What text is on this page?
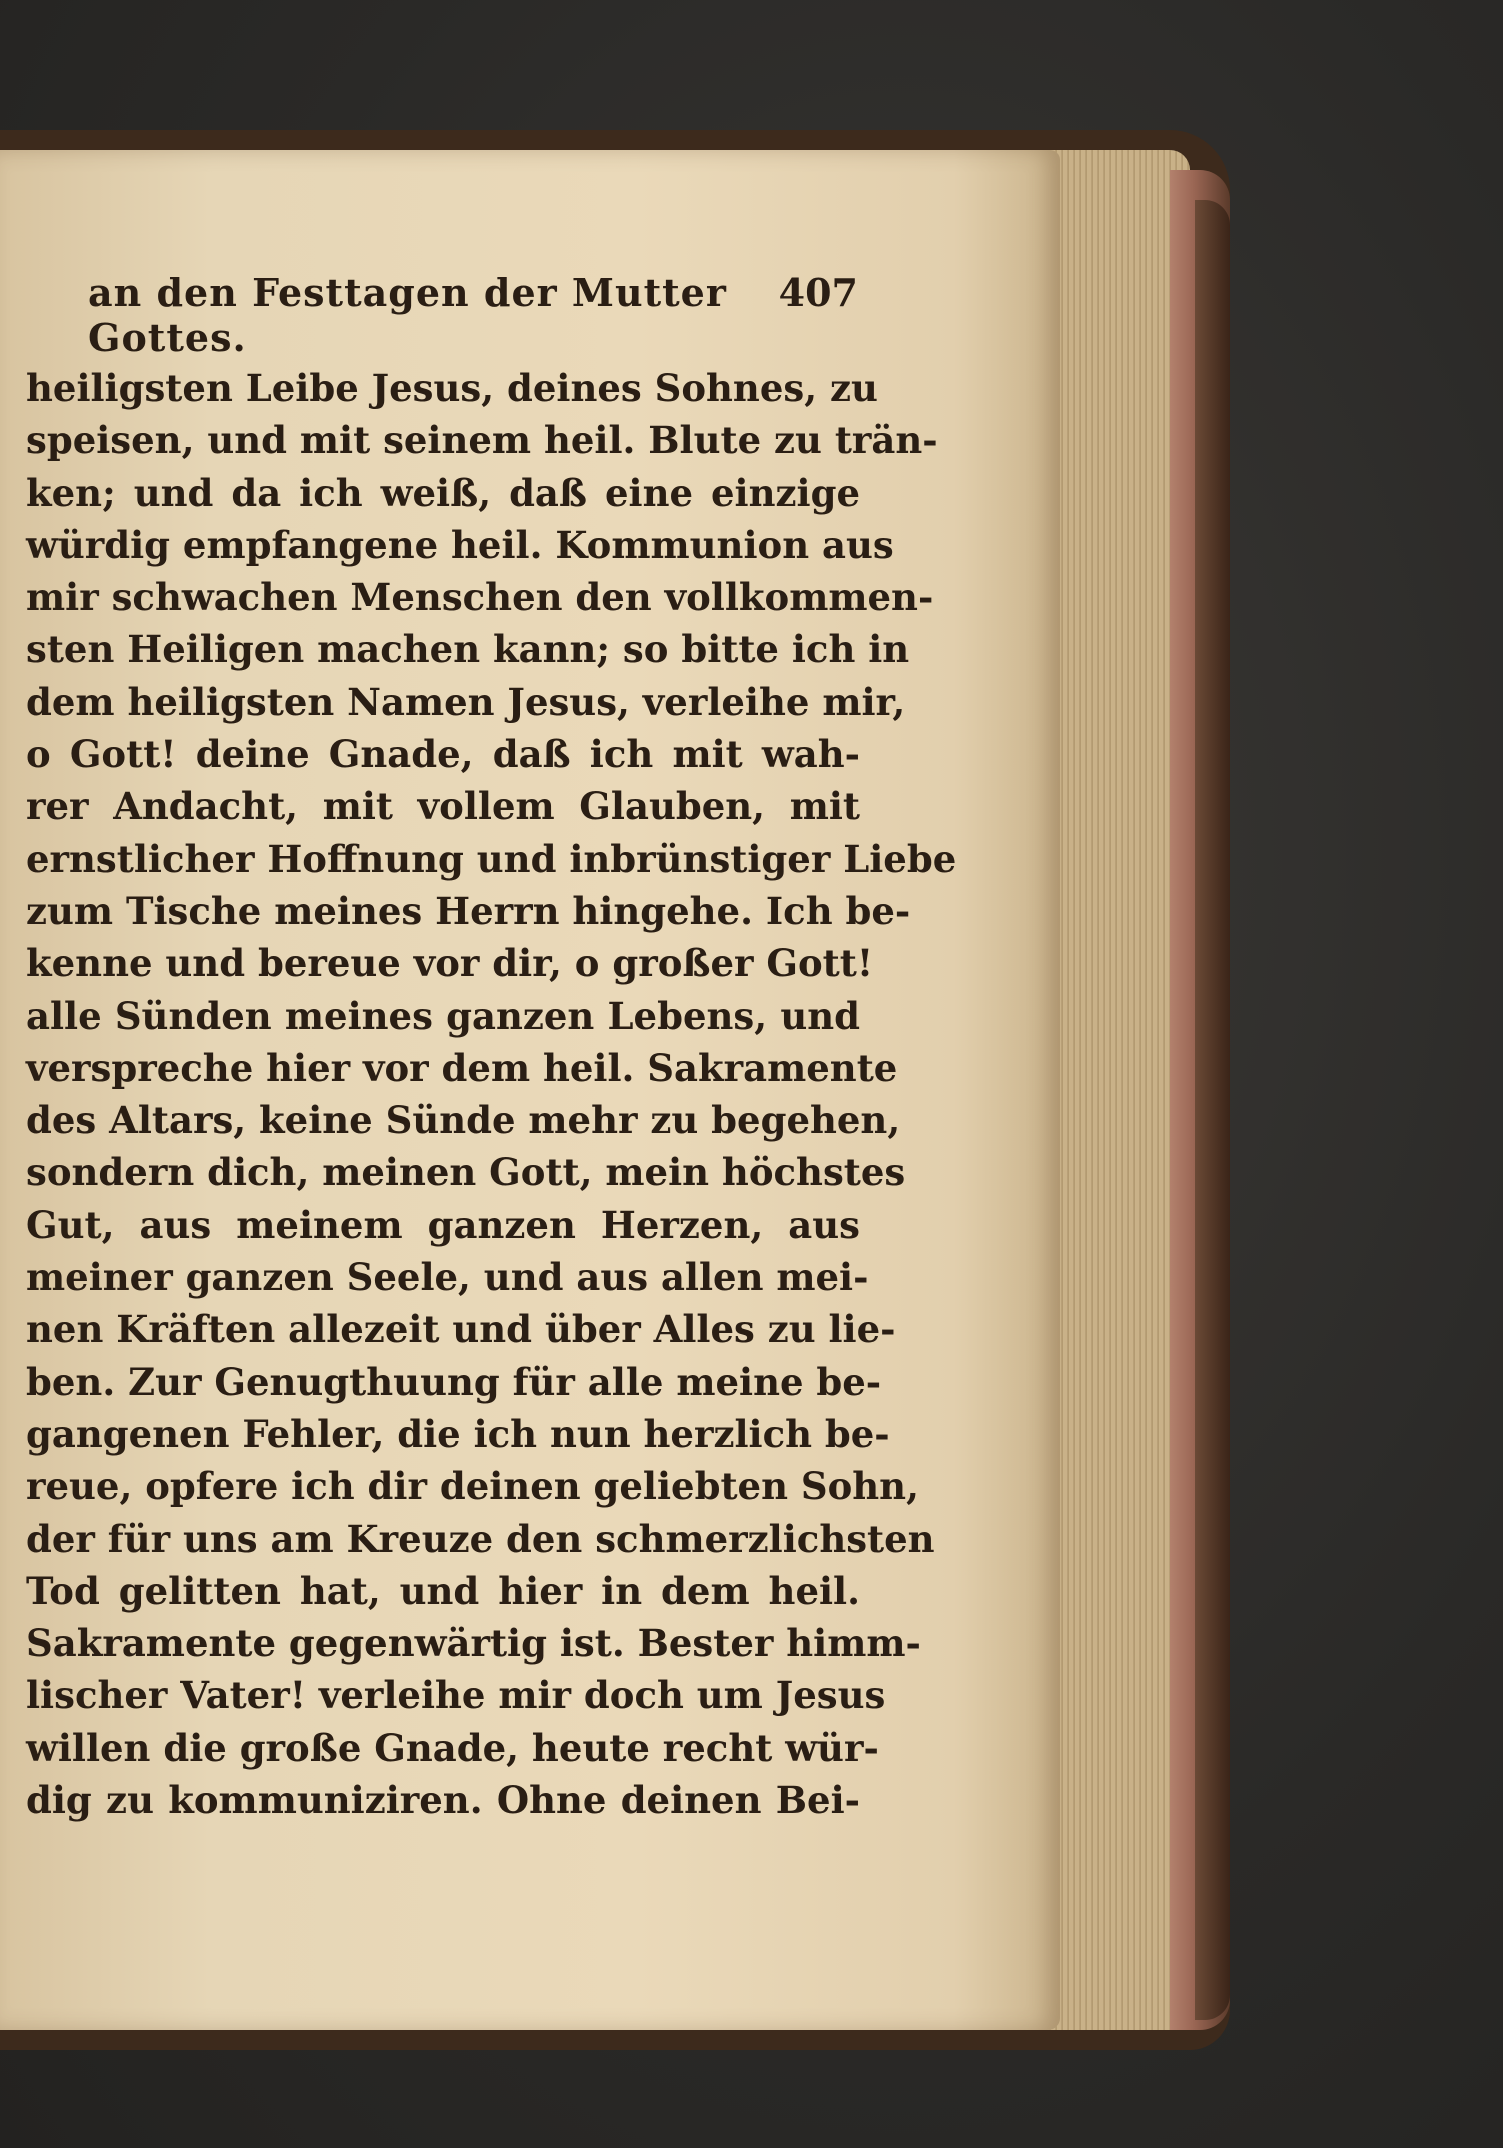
an den Festtagen der Mutter Gottes.
407
heiligsten Leibe Jesus, deines Sohnes, zu
speisen, und mit seinem heil. Blute zu trän-
ken; und da ich weiß, daß eine einzige
würdig empfangene heil. Kommunion aus
mir schwachen Menschen den vollkommen-
sten Heiligen machen kann; so bitte ich in
dem heiligsten Namen Jesus, verleihe mir,
o Gott! deine Gnade, daß ich mit wah-
rer Andacht, mit vollem Glauben, mit
ernstlicher Hoffnung und inbrünstiger Liebe
zum Tische meines Herrn hingehe. Ich be-
kenne und bereue vor dir, o großer Gott!
alle Sünden meines ganzen Lebens, und
verspreche hier vor dem heil. Sakramente
des Altars, keine Sünde mehr zu begehen,
sondern dich, meinen Gott, mein höchstes
Gut, aus meinem ganzen Herzen, aus
meiner ganzen Seele, und aus allen mei-
nen Kräften allezeit und über Alles zu lie-
ben. Zur Genugthuung für alle meine be-
gangenen Fehler, die ich nun herzlich be-
reue, opfere ich dir deinen geliebten Sohn,
der für uns am Kreuze den schmerzlichsten
Tod gelitten hat, und hier in dem heil.
Sakramente gegenwärtig ist. Bester himm-
lischer Vater! verleihe mir doch um Jesus
willen die große Gnade, heute recht wür-
dig zu kommuniziren. Ohne deinen Bei-
